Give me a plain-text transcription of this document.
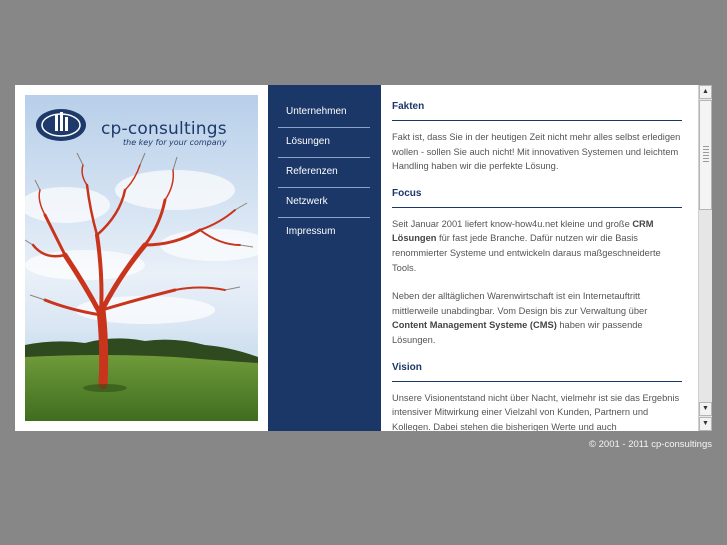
cp-consultings
the key for your company
Unternehmen
Lösungen
Referenzen
Netzwerk
Impressum
Fakten

Fakt ist, dass Sie in der heutigen Zeit nicht mehr alles selbst erledigen wollen - sollen Sie auch nicht! Mit innovativen Systemen und leichtem Handling haben wir die perfekte Lösung.

Focus

Seit Januar 2001 liefert know-how4u.net kleine und große CRM Lösungen für fast jede Branche. Dafür nutzen wir die Basis renommierter Systeme und entwickeln daraus maßgeschneiderte Tools.

Neben der alltäglichen Warenwirtschaft ist ein Internetauftritt mittlerweile unabdingbar. Vom Design bis zur Verwaltung über Content Management Systeme (CMS) haben wir passende Lösungen.

Vision

Unsere Visionentstand nicht über Nacht, vielmehr ist sie das Ergebnis intensiver Mitwirkung einer Vielzahl von Kunden, Partnern und Kollegen. Dabei stehen die bisherigen Werte und auch

▲
▼
▼
© 2001 - 2011 cp-consultings
